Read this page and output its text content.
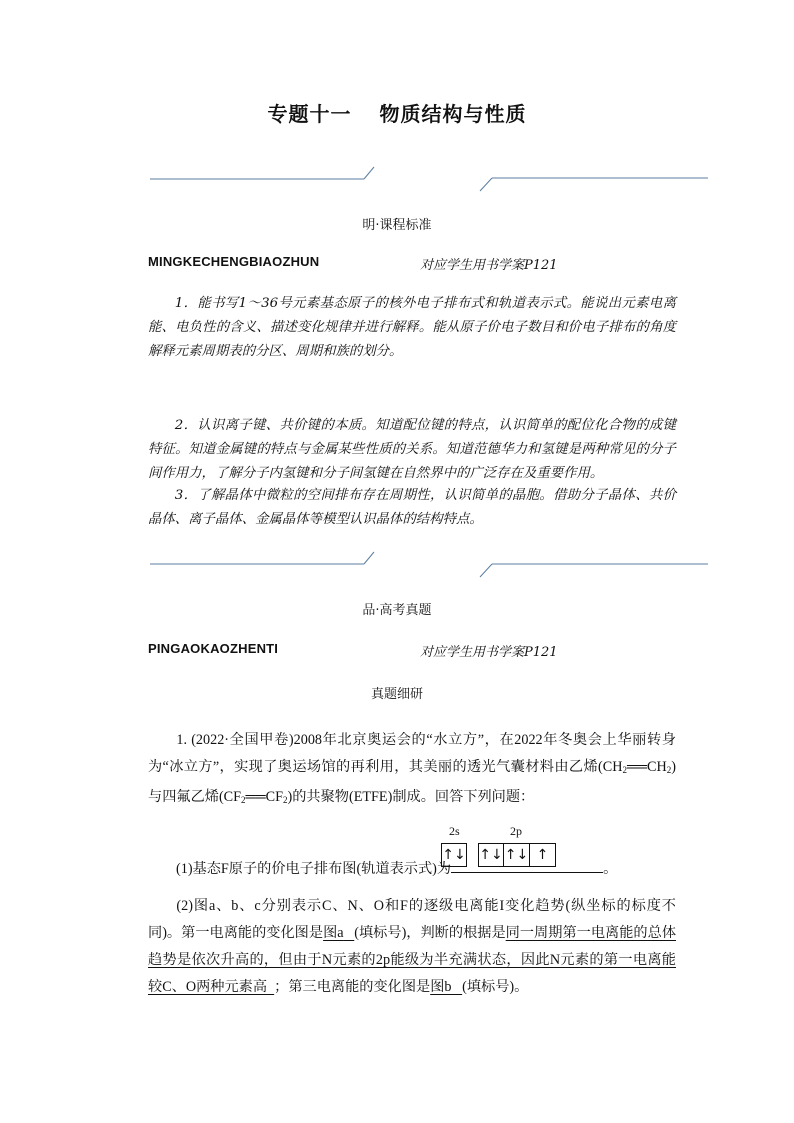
专题十一 物质结构与性质
明·课程标准
MINGKECHENGBIAOZHUN	对应学生用书学案P121
1．能书写1～36号元素基态原子的核外电子排布式和轨道表示式。能说出元素电离能、电负性的含义、描述变化规律并进行解释。能从原子价电子数目和价电子排布的角度解释元素周期表的分区、周期和族的划分。
2．认识离子键、共价键的本质。知道配位键的特点，认识简单的配位化合物的成键特征。知道金属键的特点与金属某些性质的关系。知道范德华力和氢键是两种常见的分子间作用力，了解分子内氢键和分子间氢键在自然界中的广泛存在及重要作用。
3．了解晶体中微粒的空间排布存在周期性，认识简单的晶胞。借助分子晶体、共价晶体、离子晶体、金属晶体等模型认识晶体的结构特点。
品·高考真题
PINGAOKAOZHENTI	对应学生用书学案P121
真题细研
1. (2022·全国甲卷)2008年北京奥运会的“水立方”，在2022年冬奥会上华丽转身为“冰立方”，实现了奥运场馆的再利用，其美丽的透光气囊材料由乙烯$(CH_2══CH_2)$与四氟乙烯$(CF_2══CF_2)$的共聚物(ETFE)制成。回答下列问题：
2s	2p
↑↓ ↑↓ ↑↓ ↑
(1)基态F原子的价电子排布图(轨道表示式)为	。
(2)图a、b、c分别表示C、N、O和F的逐级电离能I变化趋势(纵坐标的标度不同)。第一电离能的变化图是图a (填标号)，判断的根据是同一周期第一电离能的总体趋势是依次升高的，但由于N元素的2p能级为半充满状态，因此N元素的第一电离能较C、O两种元素高 ；第三电离能的变化图是图b (填标号)。
